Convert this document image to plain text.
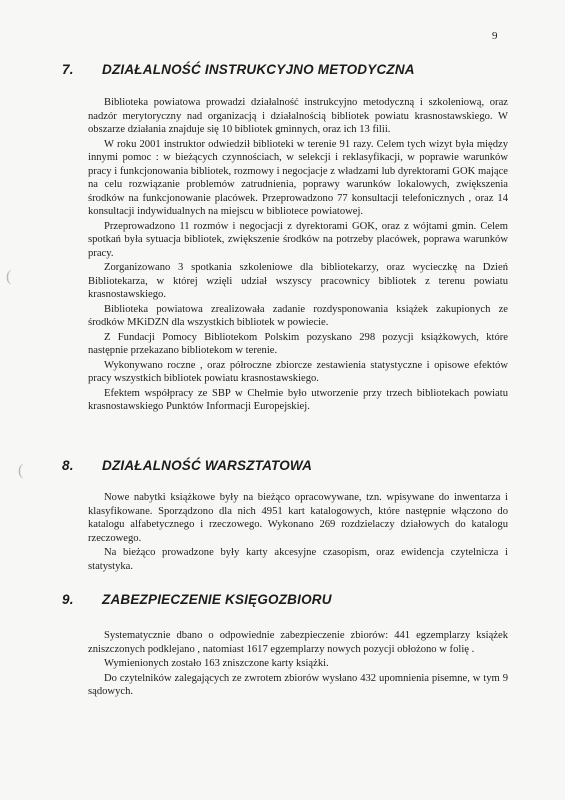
9
(
(
7. DZIAŁALNOŚĆ INSTRUKCYJNO METODYCZNA

Biblioteka powiatowa prowadzi działalność instrukcyjno metodyczną i szkoleniową, oraz nadzór merytoryczny nad organizacją i działalnością bibliotek powiatu krasnostawskiego. W obszarze działania znajduje się 10 bibliotek gminnych, oraz ich 13 filii.

W roku 2001 instruktor odwiedził biblioteki w terenie 91 razy. Celem tych wizyt była między innymi pomoc : w bieżących czynnościach, w selekcji i reklasyfikacji, w poprawie warunków pracy i funkcjonowania bibliotek, rozmowy i negocjacje z władzami lub dyrektorami GOK mające na celu rozwiązanie problemów zatrudnienia, poprawy warunków lokalowych, zwiększenia środków na funkcjonowanie placówek. Przeprowadzono 77 konsultacji telefonicznych , oraz 14 konsultacji indywidualnych na miejscu w bibliotece powiatowej.

Przeprowadzono 11 rozmów i negocjacji z dyrektorami GOK, oraz z wójtami gmin. Celem spotkań była sytuacja bibliotek, zwiększenie środków na potrzeby placówek, poprawa warunków pracy.

Zorganizowano 3 spotkania szkoleniowe dla bibliotekarzy, oraz wycieczkę na Dzień Bibliotekarza, w której wzięli udział wszyscy pracownicy bibliotek z terenu powiatu krasnostawskiego.

Biblioteka powiatowa zrealizowała zadanie rozdysponowania książek zakupionych ze środków MKiDZN dla wszystkich bibliotek w powiecie.

Z Fundacji Pomocy Bibliotekom Polskim pozyskano 298 pozycji książkowych, które następnie przekazano bibliotekom w terenie.

Wykonywano roczne , oraz półroczne zbiorcze zestawienia statystyczne i opisowe efektów pracy wszystkich bibliotek powiatu krasnostawskiego.

Efektem współpracy ze SBP w Chełmie było utworzenie przy trzech bibliotekach powiatu krasnostawskiego Punktów Informacji Europejskiej.

8. DZIAŁALNOŚĆ WARSZTATOWA

Nowe nabytki książkowe były na bieżąco opracowywane, tzn. wpisywane do inwentarza i klasyfikowane. Sporządzono dla nich 4951 kart katalogowych, które następnie włączono do katalogu alfabetycznego i rzeczowego. Wykonano 269 rozdzielaczy działowych do katalogu rzeczowego.

Na bieżąco prowadzone były karty akcesyjne czasopism, oraz ewidencja czytelnicza i statystyka.

9. ZABEZPIECZENIE KSIĘGOZBIORU

Systematycznie dbano o odpowiednie zabezpieczenie zbiorów: 441 egzemplarzy książek zniszczonych podklejano , natomiast 1617 egzemplarzy nowych pozycji obłożono w folię .

Wymienionych zostało 163 zniszczone karty książki.

Do czytelników zalegających ze zwrotem zbiorów wysłano 432 upomnienia pisemne, w tym 9 sądowych.
